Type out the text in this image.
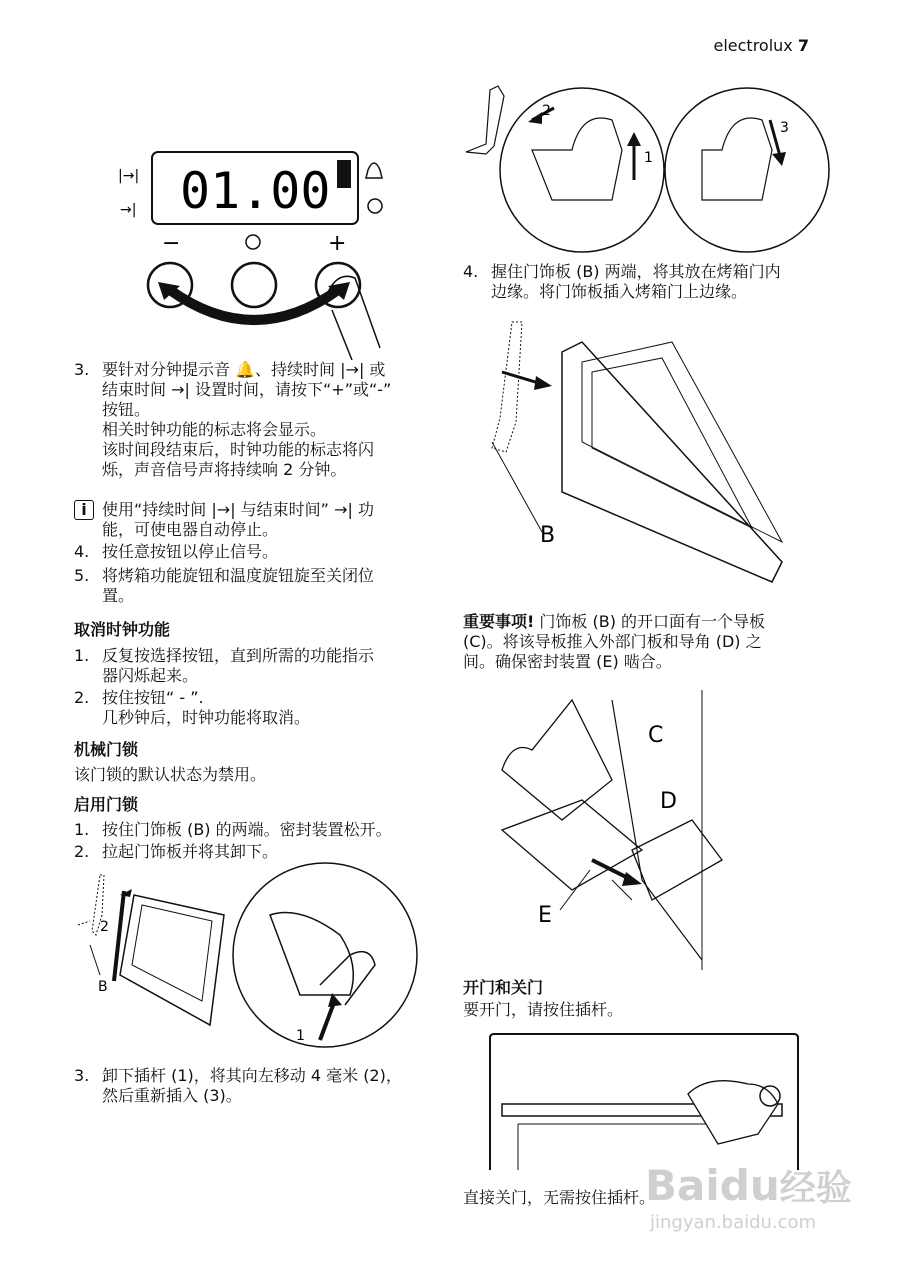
electrolux 7
|→|
→| 01.00
−	+
3. 要针对分钟提示音 🔔、持续时间 |→| 或
结束时间 →| 设置时间，请按下“+”或“-”
按钮。
相关时钟功能的标志将会显示。
该时间段结束后，时钟功能的标志将闪
烁，声音信号声将持续响 2 分钟。
i 使用“持续时间 |→| 与结束时间” →| 功
能，可使电器自动停止。
4. 按任意按钮以停止信号。
5. 将烤箱功能旋钮和温度旋钮旋至关闭位
置。
取消时钟功能
1. 反复按选择按钮，直到所需的功能指示
器闪烁起来。
2. 按住按钮“ - ”.
几秒钟后，时钟功能将取消。
机械门锁
该门锁的默认状态为禁用。
启用门锁
1. 按住门饰板 (B) 的两端。密封装置松开。
2. 拉起门饰板并将其卸下。
2
B
1
3. 卸下插杆 (1)，将其向左移动 4 毫米 (2)，
然后重新插入 (3)。
2
1
3
4. 握住门饰板 (B) 两端，将其放在烤箱门内
边缘。将门饰板插入烤箱门上边缘。
B
重要事项! 门饰板 (B) 的开口面有一个导板
(C)。将该导板推入外部门板和导角 (D) 之
间。确保密封装置 (E) 啮合。
C
D
E
开门和关门
要开门，请按住插杆。
直接关门，无需按住插杆。
Baidu经验
jingyan.baidu.com
